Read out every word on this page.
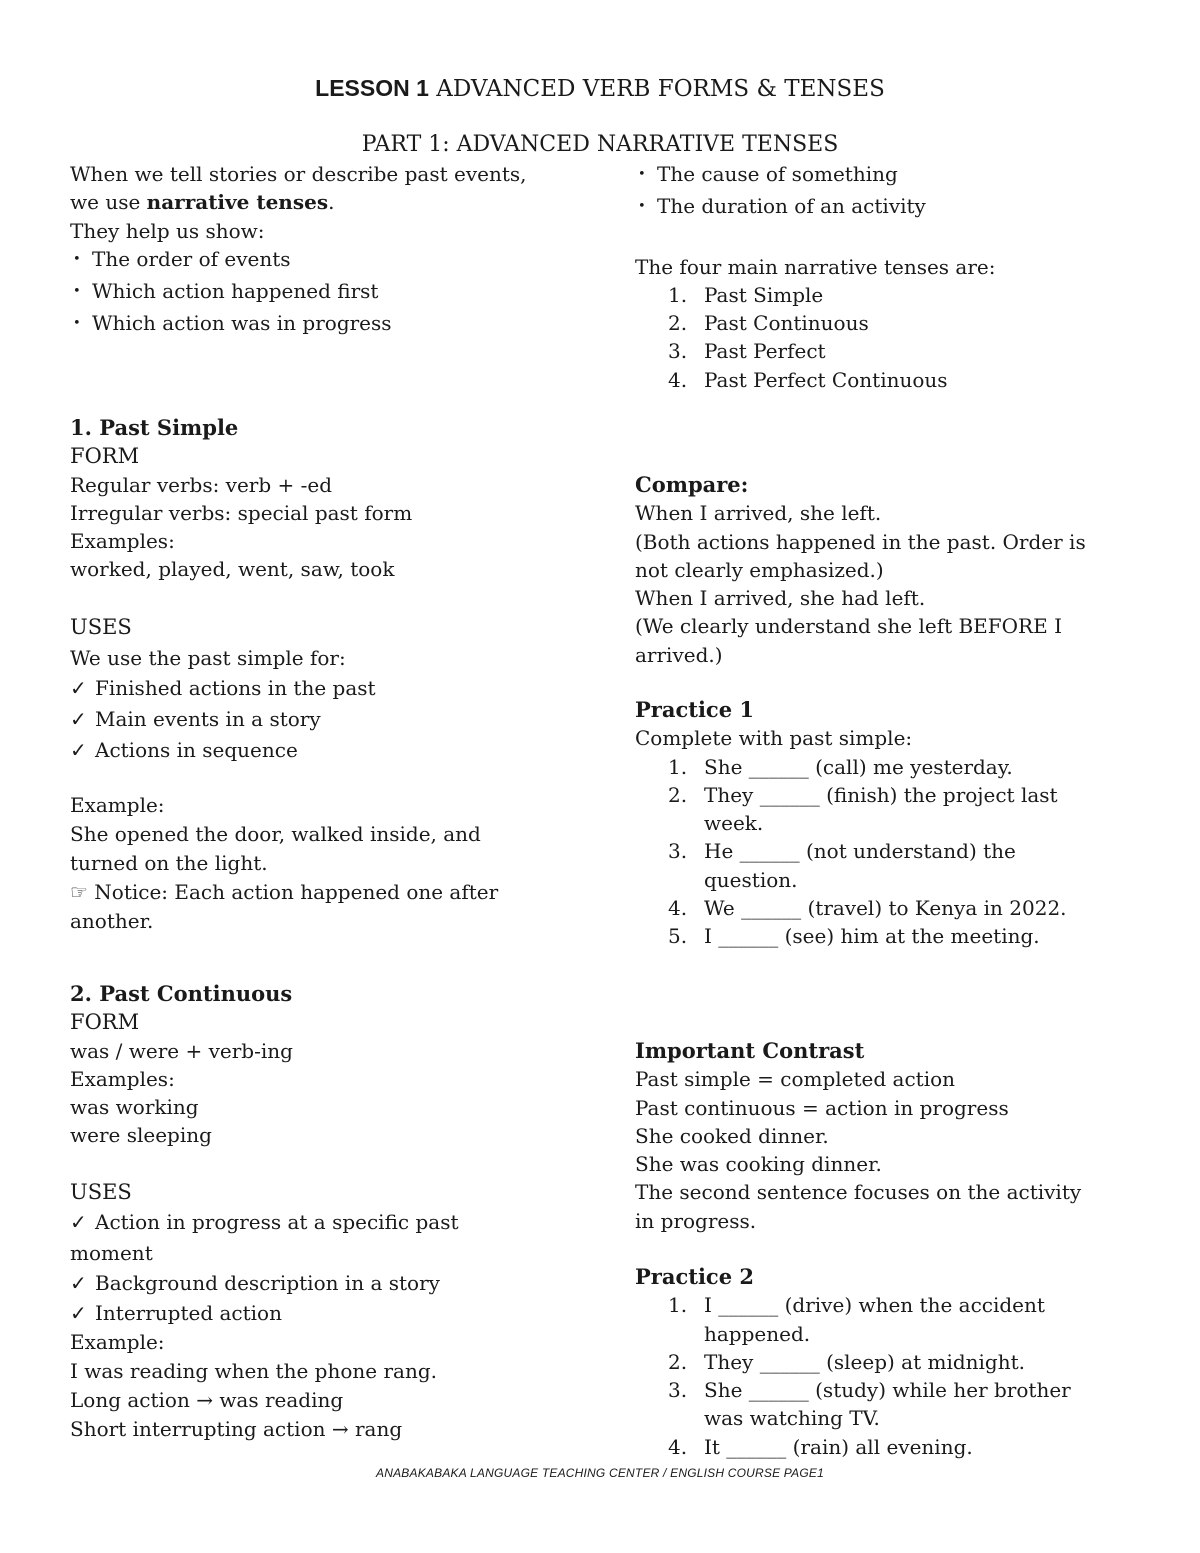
LESSON 1 ADVANCED VERB FORMS & TENSES
PART 1: ADVANCED NARRATIVE TENSES
When we tell stories or describe past events,
we use narrative tenses.
They help us show:
• The order of events
• Which action happened first
• Which action was in progress
1. Past Simple
FORM
Regular verbs: verb + -ed
Irregular verbs: special past form
Examples:
worked, played, went, saw, took
USES
We use the past simple for:
✓ Finished actions in the past
✓ Main events in a story
✓ Actions in sequence
Example:
She opened the door, walked inside, and
turned on the light.
☞ Notice: Each action happened one after
another.
2. Past Continuous
FORM
was / were + verb-ing
Examples:
was working
were sleeping
USES
✓ Action in progress at a specific past
moment
✓ Background description in a story
✓ Interrupted action
Example:
I was reading when the phone rang.
Long action → was reading
Short interrupting action → rang
• The cause of something
• The duration of an activity
The four main narrative tenses are:
1. Past Simple
2. Past Continuous
3. Past Perfect
4. Past Perfect Continuous
Compare:
When I arrived, she left.
(Both actions happened in the past. Order is
not clearly emphasized.)
When I arrived, she had left.
(We clearly understand she left BEFORE I
arrived.)
Practice 1
Complete with past simple:
1. She ______ (call) me yesterday.
2. They ______ (finish) the project last
week.
3. He ______ (not understand) the
question.
4. We ______ (travel) to Kenya in 2022.
5. I ______ (see) him at the meeting.
Important Contrast
Past simple = completed action
Past continuous = action in progress
She cooked dinner.
She was cooking dinner.
The second sentence focuses on the activity
in progress.
Practice 2
1. I ______ (drive) when the accident
happened.
2. They ______ (sleep) at midnight.
3. She ______ (study) while her brother
was watching TV.
4. It ______ (rain) all evening.
ANABAKABAKA LANGUAGE TEACHING CENTER / ENGLISH COURSE PAGE1
